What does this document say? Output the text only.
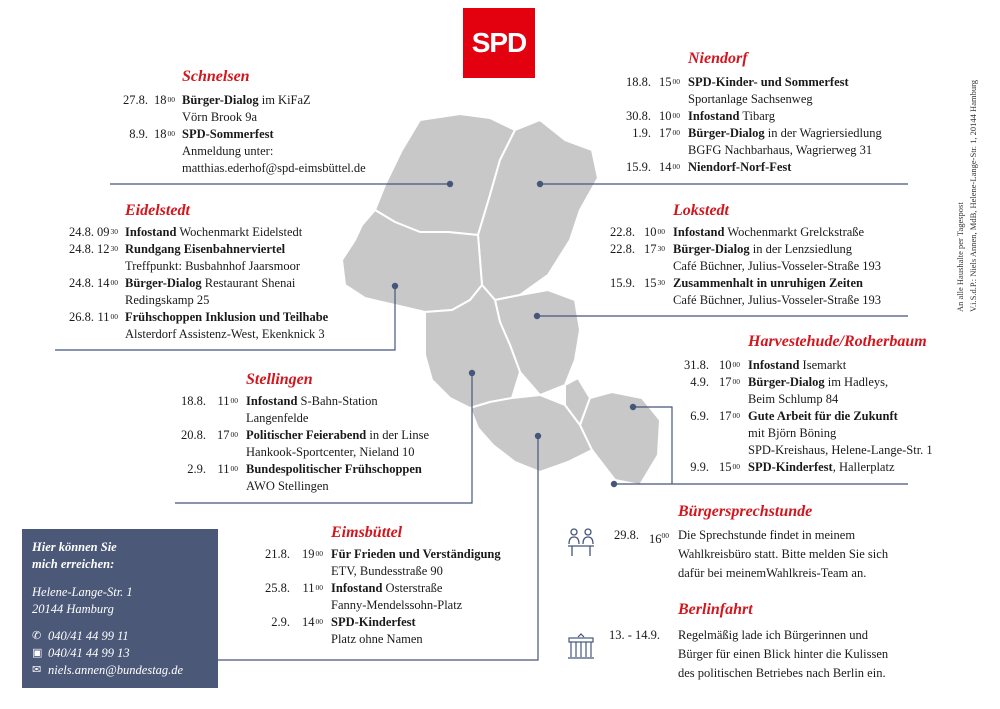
SPD
Schnelsen
27.8. $18^{00}$ Bürger-Dialog im KiFaZ
Vörn Brook 9a
8.9. $18^{00}$ SPD-Sommerfest
Anmeldung unter:
matthias.ederhof@spd-eimsbüttel.de
Niendorf
18.8. $15^{00}$ SPD-Kinder- und Sommerfest
Sportanlage Sachsenweg
30.8. $10^{00}$ Infostand Tibarg
1.9. $17^{00}$ Bürger-Dialog in der Wagriersiedlung
BGFG Nachbarhaus, Wagrierweg 31
15.9. $14^{00}$ Niendorf-Norf-Fest
Eidelstedt
24.8. $09^{30}$ Infostand Wochenmarkt Eidelstedt
24.8. $12^{30}$ Rundgang Eisenbahnerviertel
Treffpunkt: Busbahnhof Jaarsmoor
24.8. $14^{00}$ Bürger-Dialog Restaurant Shenai
Redingskamp 25
26.8. $11^{00}$ Frühschoppen Inklusion und Teilhabe
Alsterdorf Assistenz-West, Ekenknick 3
Lokstedt
22.8. $10^{00}$ Infostand Wochenmarkt Grelckstraße
22.8. $17^{30}$ Bürger-Dialog in der Lenzsiedlung
Café Büchner, Julius-Vosseler-Straße 193
15.9. $15^{30}$ Zusammenhalt in unruhigen Zeiten
Café Büchner, Julius-Vosseler-Straße 193
Stellingen
18.8. $11^{00}$ Infostand S-Bahn-Station
Langenfelde
20.8. $17^{00}$ Politischer Feierabend in der Linse
Hankook-Sportcenter, Nieland 10
2.9. $11^{00}$ Bundespolitischer Frühschoppen
AWO Stellingen
Harvestehude/Rotherbaum
31.8. $10^{00}$ Infostand Isemarkt
4.9. $17^{00}$ Bürger-Dialog im Hadleys,
Beim Schlump 84
6.9. $17^{00}$ Gute Arbeit für die Zukunft
mit Björn Böning
SPD-Kreishaus, Helene-Lange-Str. 1
9.9. $15^{00}$ SPD-Kinderfest, Hallerplatz
Eimsbüttel
21.8. $19^{00}$ Für Frieden und Verständigung
ETV, Bundesstraße 90
25.8. $11^{00}$ Infostand Osterstraße
Fanny-Mendelssohn-Platz
2.9. $14^{00}$ SPD-Kinderfest
Platz ohne Namen
Bürgersprechstunde
29.8. $16^{00}$ Die Sprechstunde findet in meinem
Wahlkreisbüro statt. Bitte melden Sie sich
dafür bei meinemWahlkreis-Team an.
Berlinfahrt
13. - 14.9. Regelmäßig lade ich Bürgerinnen und
Bürger für einen Blick hinter die Kulissen
des politischen Betriebes nach Berlin ein.
Hier können Sie
mich erreichen:
Helene-Lange-Str. 1
20144 Hamburg
✆ 040/41 44 99 11
▣ 040/41 44 99 13
✉ niels.annen@bundestag.de
An alle Haushalte per Tagespost V.i.S.d.P.: Niels Annen, MdB, Helene-Lange-Str. 1, 20144 Hamburg
